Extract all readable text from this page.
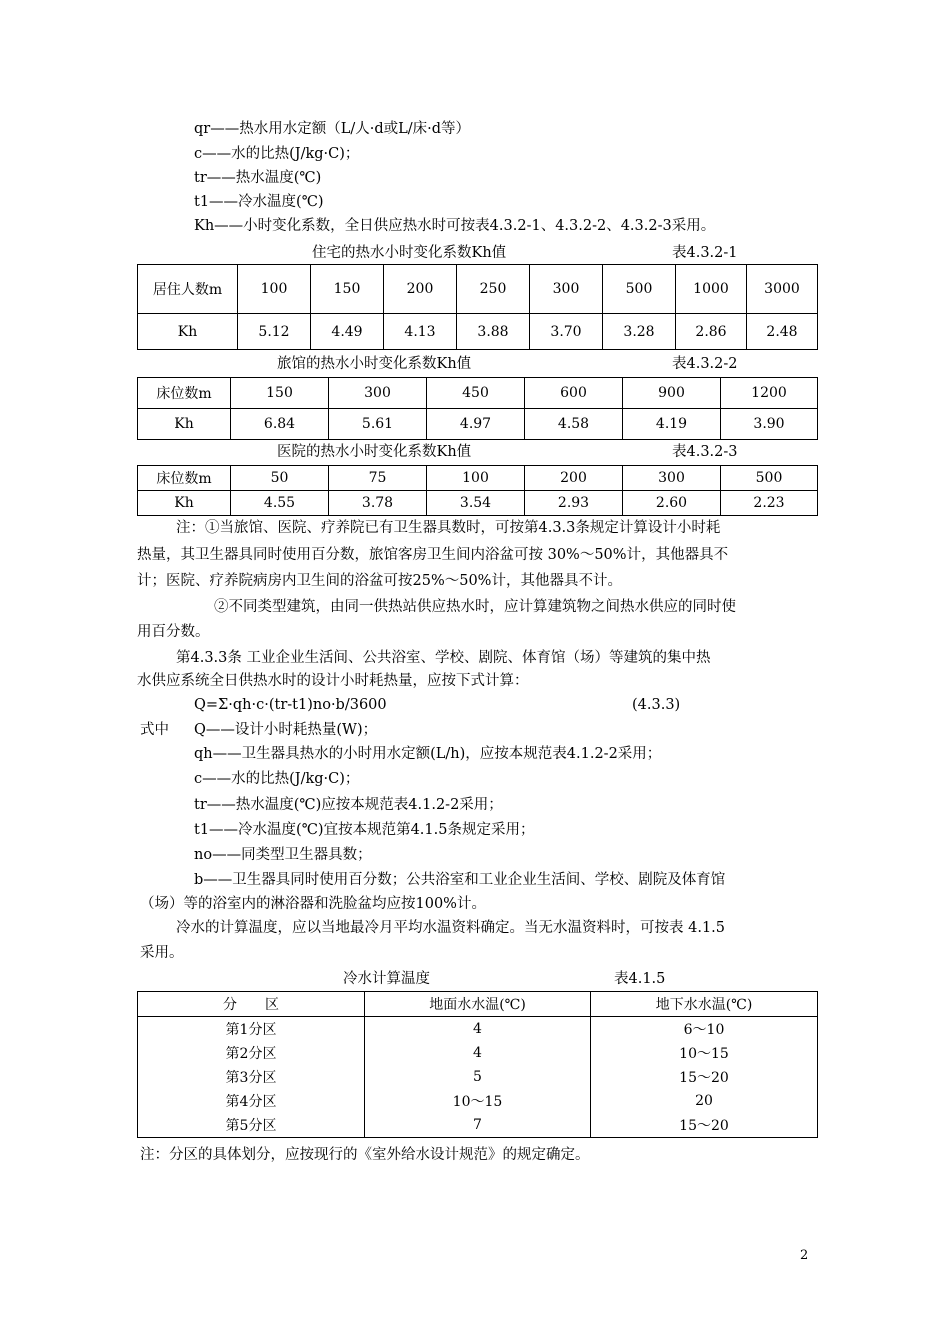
qr——热水用水定额（L/人·d或L/床·d等）
c——水的比热(J/kg·C)；
tr——热水温度(℃)
t1——冷水温度(℃)
Kh——小时变化系数，全日供应热水时可按表4.3.2-1、4.3.2-2、4.3.2-3采用。
住宅的热水小时变化系数Kh值	表4.3.2-1
居住人数m	100	150	200	250	300	500	1000	3000
Kh	5.12	4.49	4.13	3.88	3.70	3.28	2.86	2.48
旅馆的热水小时变化系数Kh值	表4.3.2-2
床位数m	150	300	450	600	900	1200
Kh	6.84	5.61	4.97	4.58	4.19	3.90
医院的热水小时变化系数Kh值	表4.3.2-3
床位数m	50	75	100	200	300	500
Kh	4.55	3.78	3.54	2.93	2.60	2.23
注：①当旅馆、医院、疗养院已有卫生器具数时，可按第4.3.3条规定计算设计小时耗
热量，其卫生器具同时使用百分数，旅馆客房卫生间内浴盆可按 30%～50%计，其他器具不
计；医院、疗养院病房内卫生间的浴盆可按25%～50%计，其他器具不计。
②不同类型建筑，由同一供热站供应热水时，应计算建筑物之间热水供应的同时使
用百分数。
第4.3.3条 工业企业生活间、公共浴室、学校、剧院、体育馆（场）等建筑的集中热
水供应系统全日供热水时的设计小时耗热量，应按下式计算：
Q=Σ·qh·c·(tr-t1)no·b/3600	(4.3.3)
式中 Q——设计小时耗热量(W)；
qh——卫生器具热水的小时用水定额(L/h)，应按本规范表4.1.2-2采用；
c——水的比热(J/kg·C)；
tr——热水温度(℃)应按本规范表4.1.2-2采用；
t1——冷水温度(℃)宜按本规范第4.1.5条规定采用；
no——同类型卫生器具数；
b——卫生器具同时使用百分数；公共浴室和工业企业生活间、学校、剧院及体育馆
（场）等的浴室内的淋浴器和洗脸盆均应按100%计。
冷水的计算温度，应以当地最冷月平均水温资料确定。当无水温资料时，可按表 4.1.5
采用。
冷水计算温度	表4.1.5
分　　区	地面水水温(℃)	地下水水温(℃)
第1分区	4	6～10
第2分区	4	10～15
第3分区	5	15～20
第4分区	10～15	20
第5分区	7	15～20
注：分区的具体划分，应按现行的《室外给水设计规范》的规定确定。
2
